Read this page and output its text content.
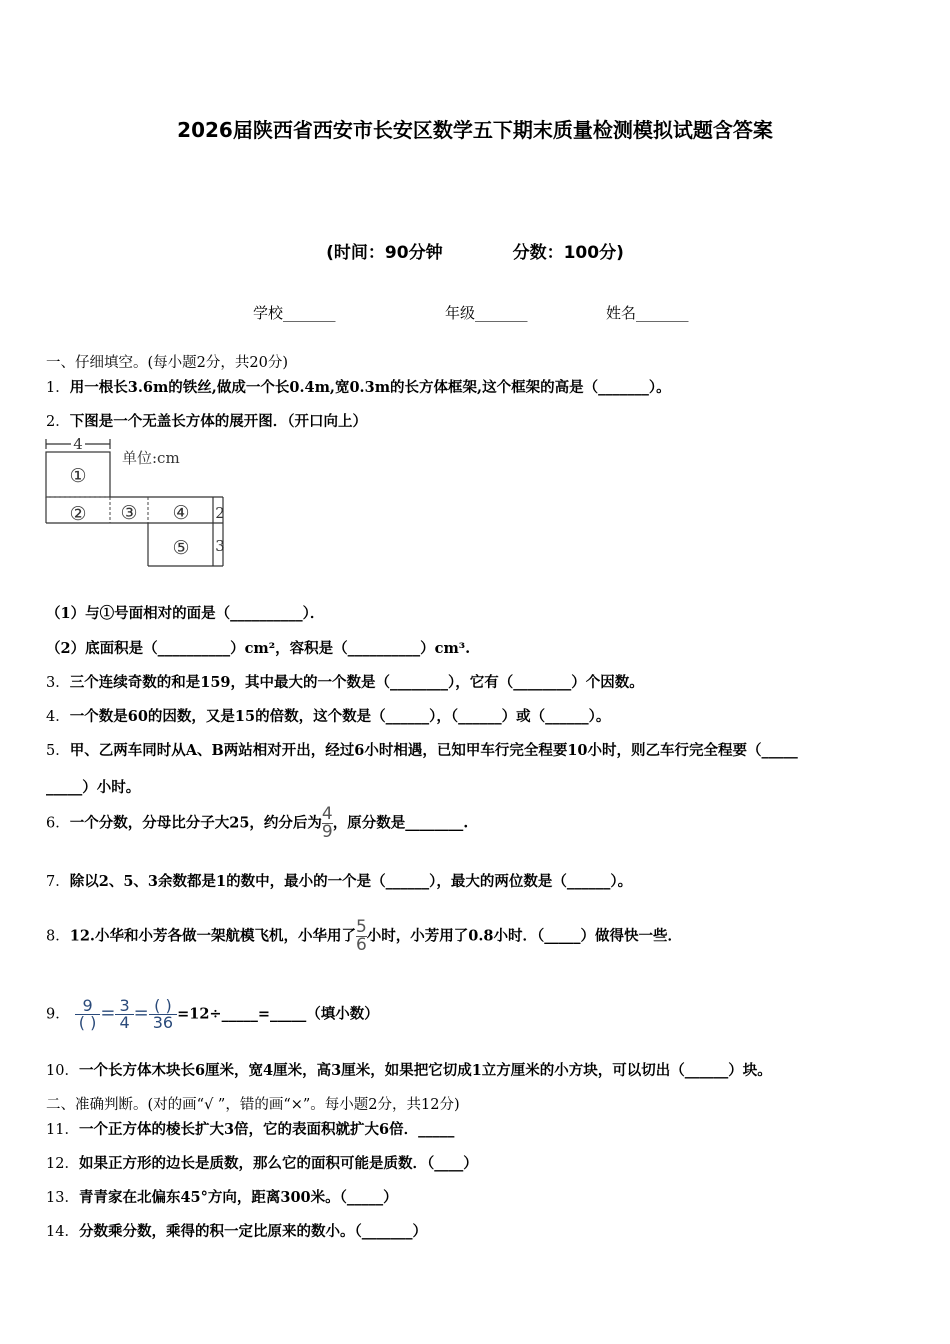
2026届陕西省西安市长安区数学五下期末质量检测模拟试题含答案
(时间：90分钟	分数：100分)
学校_______	年级_______	姓名_______
一、仔细填空。(每小题2分，共20分)
1．用一根长3.6m的铁丝,做成一个长0.4m,宽0.3m的长方体框架,这个框架的高是（_______）。
2．下图是一个无盖长方体的展开图．（开口向上）
4
①
② ③ ④
⑤
2
3
单位:cm
（1）与①号面相对的面是（__________）．
（2）底面积是（__________）cm²，容积是（__________）cm³.
3．三个连续奇数的和是159，其中最大的一个数是（________），它有（________）个因数。
4．一个数是60的因数，又是15的倍数，这个数是（______），（______）或（______）。
5．甲、乙两车同时从A、B两站相对开出，经过6小时相遇，已知甲车行完全程要10小时，则乙车行完全程要（_____
_____）小时。
6．一个分数，分母比分子大25，约分后为 $\frac{4}{9}$ ，原分数是________.
7．除以2、5、3余数都是1的数中，最小的一个是（______），最大的两位数是（______）。
8．12.小华和小芳各做一架航模飞机，小华用了 $\frac{5}{6}$ 小时，小芳用了0.8小时．（_____）做得快一些．
9． 9
( ) = $\frac{3}{4}$ = ( )
36 =12÷_____=_____（填小数）
10．一个长方体木块长6厘米，宽4厘米，高3厘米，如果把它切成1立方厘米的小方块，可以切出（______）块。
二、准确判断。(对的画“√ ”，错的画“×”。每小题2分，共12分)
11．一个正方体的棱长扩大3倍，它的表面积就扩大6倍．_____
12．如果正方形的边长是质数，那么它的面积可能是质数．（____）
13．青青家在北偏东45°方向，距离300米。（_____）
14．分数乘分数，乘得的积一定比原来的数小。（_______）
